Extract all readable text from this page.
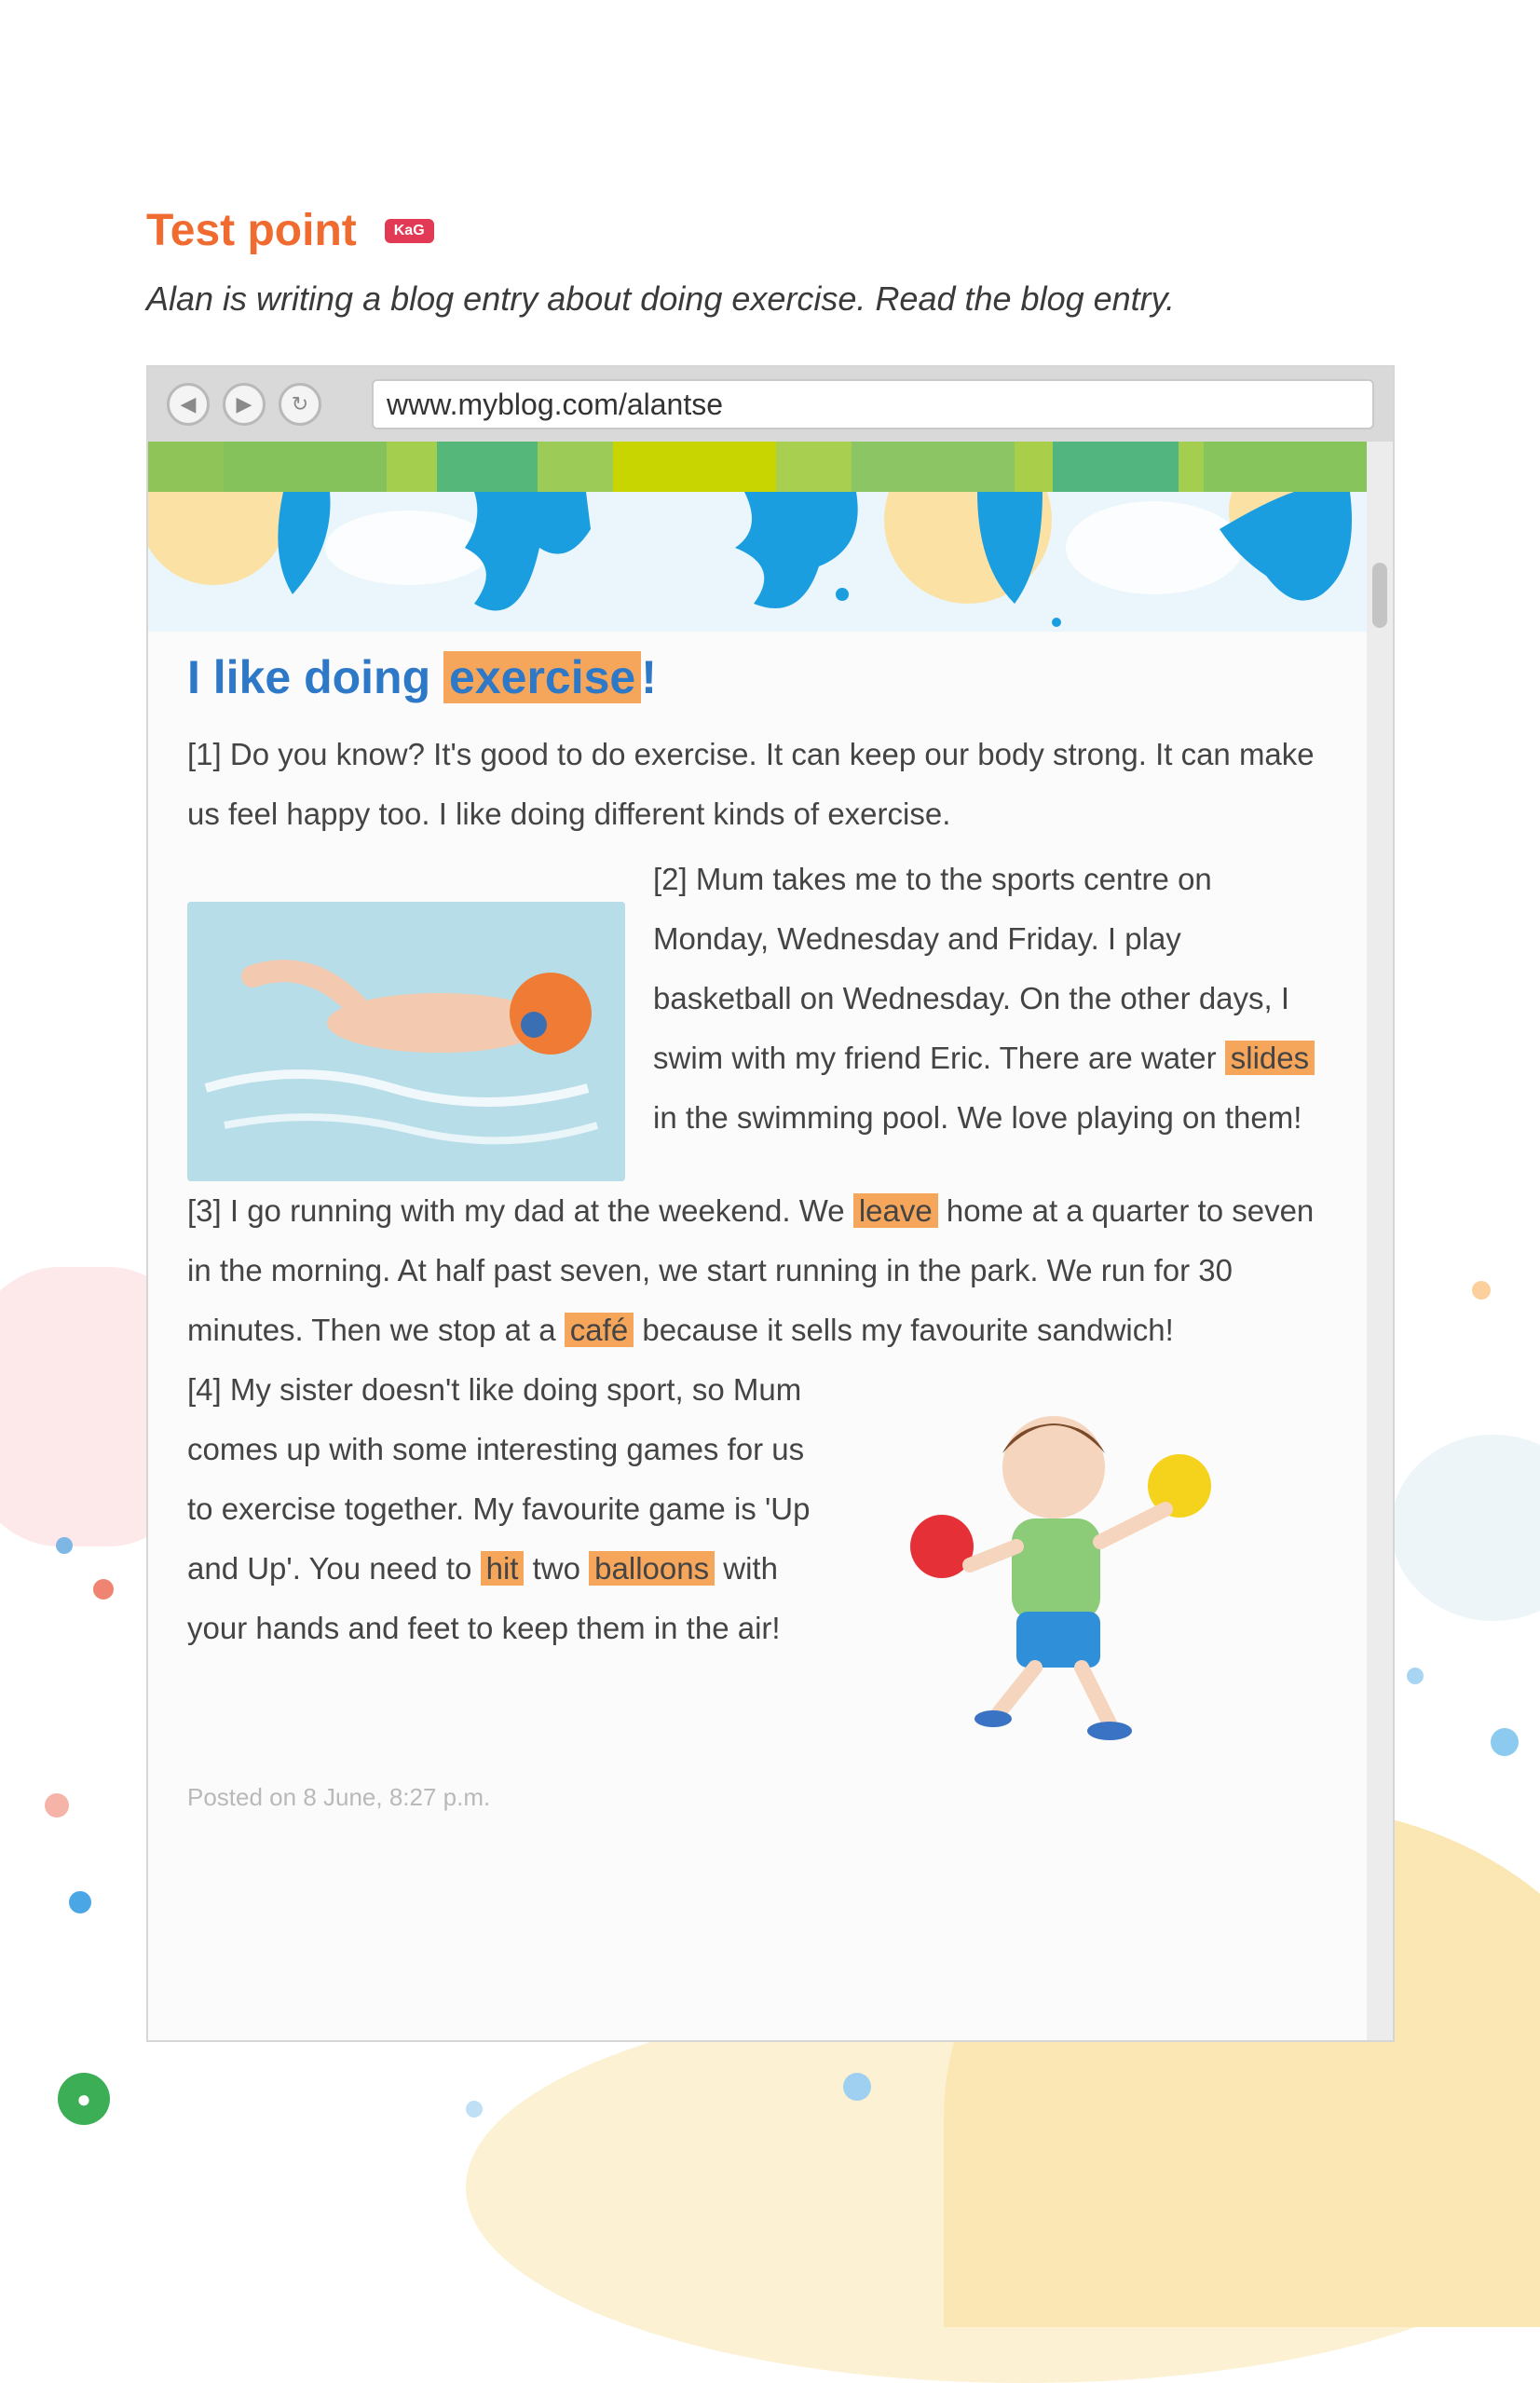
Test point	KaG
Alan is writing a blog entry about doing exercise. Read the blog entry.
◀	▶	↻	www.myblog.com/alantse
I like doing exercise !

[1] Do you know? It's good to do exercise. It can keep our body strong. It can make us feel happy too. I like doing different kinds of exercise.

[2] Mum takes me to the sports centre on Monday, Wednesday and Friday. I play basketball on Wednesday. On the other days, I swim with my friend Eric. There are water slides in the swimming pool. We love playing on them!

[3] I go running with my dad at the weekend. We leave home at a quarter to seven in the morning. At half past seven, we start running in the park. We run for 30 minutes. Then we stop at a café because it sells my favourite sandwich!

[4] My sister doesn't like doing sport, so Mum comes up with some interesting games for us to exercise together. My favourite game is 'Up and Up'. You need to hit two balloons with your hands and feet to keep them in the air!

Posted on 8 June, 8:27 p.m.
●
